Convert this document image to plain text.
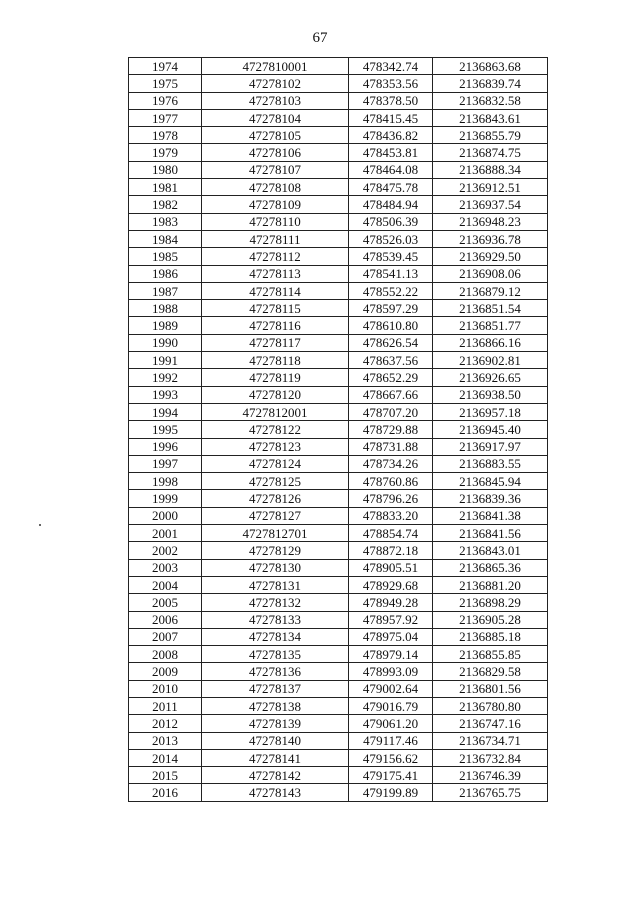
67
1974	4727810001	478342.74	2136863.68
1975	47278102	478353.56	2136839.74
1976	47278103	478378.50	2136832.58
1977	47278104	478415.45	2136843.61
1978	47278105	478436.82	2136855.79
1979	47278106	478453.81	2136874.75
1980	47278107	478464.08	2136888.34
1981	47278108	478475.78	2136912.51
1982	47278109	478484.94	2136937.54
1983	47278110	478506.39	2136948.23
1984	47278111	478526.03	2136936.78
1985	47278112	478539.45	2136929.50
1986	47278113	478541.13	2136908.06
1987	47278114	478552.22	2136879.12
1988	47278115	478597.29	2136851.54
1989	47278116	478610.80	2136851.77
1990	47278117	478626.54	2136866.16
1991	47278118	478637.56	2136902.81
1992	47278119	478652.29	2136926.65
1993	47278120	478667.66	2136938.50
1994	4727812001	478707.20	2136957.18
1995	47278122	478729.88	2136945.40
1996	47278123	478731.88	2136917.97
1997	47278124	478734.26	2136883.55
1998	47278125	478760.86	2136845.94
1999	47278126	478796.26	2136839.36
2000	47278127	478833.20	2136841.38
2001	4727812701	478854.74	2136841.56
2002	47278129	478872.18	2136843.01
2003	47278130	478905.51	2136865.36
2004	47278131	478929.68	2136881.20
2005	47278132	478949.28	2136898.29
2006	47278133	478957.92	2136905.28
2007	47278134	478975.04	2136885.18
2008	47278135	478979.14	2136855.85
2009	47278136	478993.09	2136829.58
2010	47278137	479002.64	2136801.56
2011	47278138	479016.79	2136780.80
2012	47278139	479061.20	2136747.16
2013	47278140	479117.46	2136734.71
2014	47278141	479156.62	2136732.84
2015	47278142	479175.41	2136746.39
2016	47278143	479199.89	2136765.75
